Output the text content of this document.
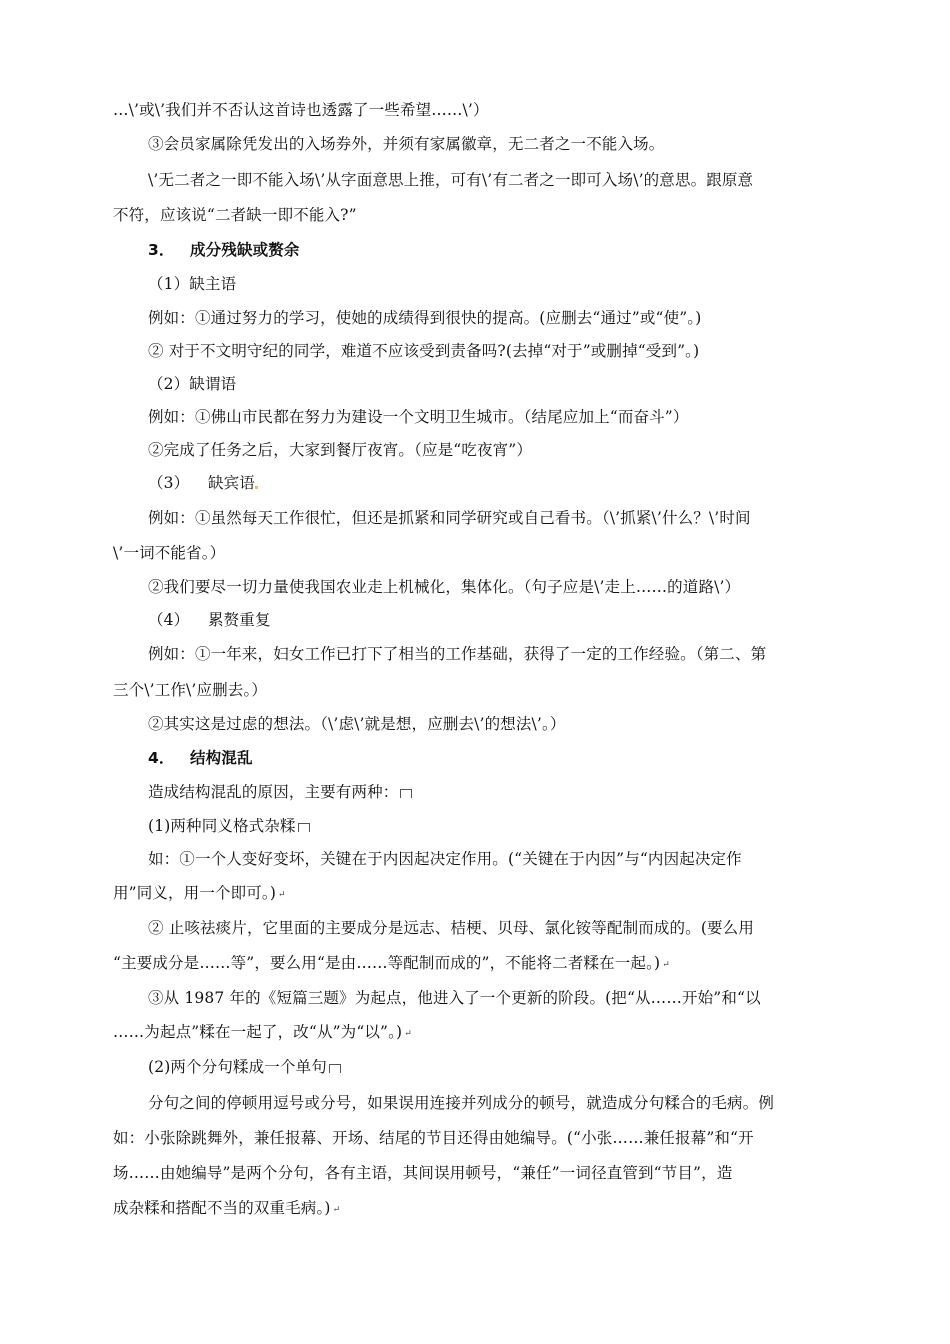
…\’或\’我们并不否认这首诗也透露了一些希望……\’）
③会员家属除凭发出的入场券外，并须有家属徽章，无二者之一不能入场。
\’无二者之一即不能入场\’从字面意思上推，可有\’有二者之一即可入场\’的意思。跟原意
不符，应该说“二者缺一即不能入?”
3． 成分残缺或赘余
（1）缺主语
例如：①通过努力的学习，使她的成绩得到很快的提高。(应删去“通过”或“使”。)
② 对于不文明守纪的同学，难道不应该受到责备吗?(去掉“对于”或删掉“受到”。)
（2）缺谓语
例如：①佛山市民都在努力为建设一个文明卫生城市。（结尾应加上“而奋斗”）
②完成了任务之后，大家到餐厅夜宵。（应是“吃夜宵”）
（3） 缺宾语
例如：①虽然每天工作很忙，但还是抓紧和同学研究或自己看书。（\’抓紧\’什么？\’时间
\’一词不能省。）
②我们要尽一切力量使我国农业走上机械化，集体化。（句子应是\’走上……的道路\’）
（4） 累赘重复
例如：①一年来，妇女工作已打下了相当的工作基础，获得了一定的工作经验。（第二、第
三个\’工作\’应删去。）
②其实这是过虑的想法。（\’虑\’就是想，应删去\’的想法\’。）
4． 结构混乱
造成结构混乱的原因，主要有两种：
(1)两种同义格式杂糅
如：①一个人变好变坏，关键在于内因起决定作用。(“关键在于内因”与“内因起决定作
用”同义，用一个即可。) ↵
② 止咳祛痰片，它里面的主要成分是远志、桔梗、贝母、氯化铵等配制而成的。(要么用
“主要成分是……等”，要么用“是由……等配制而成的”，不能将二者糅在一起。) ↵
③从 1987 年的《短篇三题》为起点，他进入了一个更新的阶段。(把“从……开始”和“以
……为起点”糅在一起了，改“从”为“以”。) ↵
(2)两个分句糅成一个单句
分句之间的停顿用逗号或分号，如果误用连接并列成分的顿号，就造成分句糅合的毛病。例
如：小张除跳舞外，兼任报幕、开场、结尾的节目还得由她编导。(“小张……兼任报幕”和“开
场……由她编导”是两个分句，各有主语，其间误用顿号，“兼任”一词径直管到“节目”，造
成杂糅和搭配不当的双重毛病。) ↵
